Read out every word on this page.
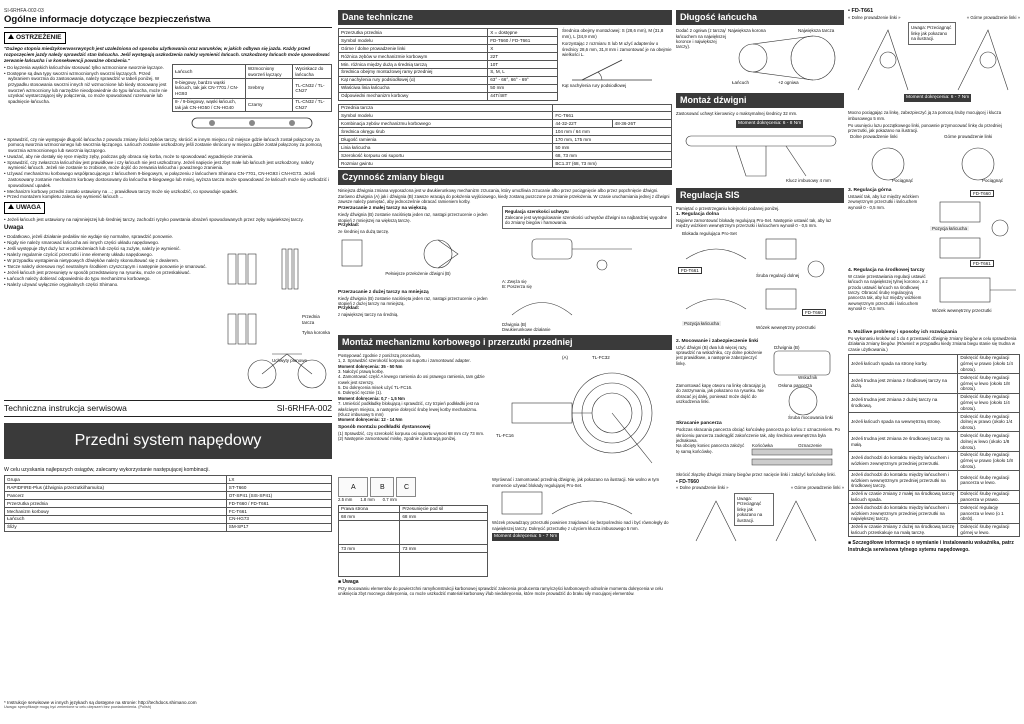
SI-6RHFA-002-03
Ogólne informacje dotyczące bezpieczeństwa
OSTRZEŻENIE
"Dużego stopnia miedzyknerwosrwynych jest uzależniona od sposobu użytkowania oraz warunków, w jakich odbywa się jazda. Każdy przed rozpoczęciem jazdy należy sprawdzić stan łańcucha. Jeśli występują uszkodzenia należy wymienić łańcuch. Uszkodzony łańcuch może spowodować zerwanie łańcucha i w konsekwencji poważne obrażenia."
• Do łączenia wąskich łańcuchów stosować tylko wzmocnione sworznie łączące.
• Dostępne są dwa typy sworzni wzmocnionych sworzni łączących. Przed wybraniem sworznia do zastosowania, należy sprawdzić w tabeli poniżej. W przypadku stosowania sworzni innych niż wzmocnione lub kiedy stosowany jest sworzeń wzmocniony lub narzędzie nieodpowiednie do typu łańcucha, może nie uzyskać wystarczającej siły połączenia, co może spowodować rozerwanie lub spadnięcie łańcucha.
Łańcuch	Wzmocniony sworzeń łączący	Wyciskacz do łańcucha
9-biegowy, bardzo wąski łańcuch, tak jak CN-7701 / CN-HG93	Srebrny	TL-CN32 / TL-CN27
8- / 9-biegowy, wąski łańcuch, tak jak CN-HG50 / CN-HG40	Czarny	TL-CN32 / TL-CN27
• Sprawdzić, czy nie występuje długość łańcucha z powodu zmiany ilości zębów tarczy, skrócić w innym miejscu niż miejsce gdzie łańcuch został połączony za pomocą sworznia wzmocnionego lub sworznia łączącego. Łańcuch zostanie uszkodzony jeśli zostanie skrócony w miejscu gdzie został połączony za pomocą sworznia wzmocnionego lub sworznia łączącego.
• Uważać, aby nie dostały się ręce między zęby, podczas gdy obraca się korba, może to spowodować wypadnięcie zranienia.
• Sprawdzić, czy zwłaszcza łańcuchów jest prawidłowe i czy łańcuch nie jest uszkodzony. Jeżeli napięcie jest zbyt małe lub łańcuch jest uszkodzony, należy wymienić łańcuch. Jeżeli nie zostanie to zrobione, może dojść do zerwania łańcucha i poważnego zranienia.
• Używać mechanizmu korbowego współpracującego z łańcuchem 9-biegowym, w połączeniu z łańcuchem Shimano CN-7701, CN-HG93 i CN-HG73. Jeżeli zastosowany zostanie mechanizm korbowy dostosowany do łańcucha 8-biegowego lub mniej, wyższa tarcza może spowodować że łańcuch może się uszkodzić i spowodować upadek.
• Mechanizm korbowy przedni zostało ustawiony na ...; prawidłowa tarczy może się uszkodzić, co spowoduje upadek.
• Przed montażem kompletu zaleca się wymienić łańcuch ...
UWAGA
• Jeżeli łańcuch jest ustawiony na najmniejszej lub średniej tarczy, zachodzi ryzyko powstania obrażeń spowodowanych przez zęby najwiekszej tarczy.
Uwaga
• Dodatkowo, jeżeli działanie pedałów nie wydaje się normalne, sprawdzić ponownie.
• Nigdy nie należy smarować łańcucha ani innych części układu napędowego.
• Jeśli występuje zbyt duży luz w przełożeniach lub części są zużyte, należy je wymienić.
• Należy regularnie czyścić przerzutki i inne elementy układu napędowego.
• W przypadku wystąpienia nietypowych dźwięków należy skonsultować się z dealerem.
• Tarcze należy okresowo myć neutralnym środkiem czyszczącym i następnie ponownie je smarować.
• Jeżeli łańcuch jest przesunięty w sposób przedstawiony na rysunku, może on przeskakiwać.
• Łańcuch należy dobierać odpowiednio do typu mechanizmu korbowego.
• Należy używać wyłącznie oryginalnych części Shimano.
Przednia tarcza
Tylna koronka
Uchwyty pionowe
Techniczna instrukcja serwisowa	SI-6RHFA-002
Przedni system napędowy
W celu uzyskania najlepszych osiągów, zalecamy wykorzystanie następującej kombinacji.
Grupa	LX
RAPIDFIRE-Plus (dźwignia przerzutki/hamulca)	ST-T660
Pancerz	OT-SP41 (SIS-SP41)
Przerzutka przednia	FD-T660 / FD-T661
Mechanizm korbowy	FC-T661
Łańcuch	CN-HG73
Śliży	SM-SP17
* Instrukcje serwisowe w innych językach są dostępne na stronie: http://techdocs.shimano.com
Uwaga: specyfikacje mogą być zmienione w celu ulepszeń bez powiadomienia. (Polish)
Dane techniczne
Przerzutka przednia	X = dostępne
Symbol modelu	FD-T660 / FD-T661
Górne / dolne prowadzenie linki	X
Różnica zębów w mechanizmie korbowym	22T
Min. różnica między dużą a średnią tarczą	10T
Średnica obejmy montażowej ramy przedniej	S, M, L
Kąt nachylenia rury podsiodłowej (α)	63° - 66°, 66° - 69°
Właściwa linia łańcucha	50 mm
Odpowiedni mechanizm korbowy	44T/48T
Średnica obejmy montażowej: S (28,6 mm), M (31,8 mm), L (34,9 mm)
Korzystając z rozmiaru S lub M użyć adapterów o średnicy 28,6 mm, 31,8 mm i zamontować je na obejmie wielkości L.
Kąt nachylenia rury podsiodłowej
Przednia tarcza		
Symbol modelu	FC-T661	
Kombinacja zębów mechanizmu korbowego	44-32-22T	48-36-26T
Średnica okręgu śrub	104 mm / 64 mm	
Długość ramienia	170 mm, 175 mm	
Linia łańcucha	50 mm	
Szerokość korpusu osi suportu	68, 73 mm	
Rozmiar gwintu	BC1.37 (68, 73 mm)	
Czynność zmiany biegu
Niniejsza dźwignia zmiana wyposażona jest w dwukierunkowy mechanizm zrzucania, który umożliwia zrzucanie albo przez pociągnięcie albo przez popchnięcie dźwigni. Zarówno dźwignia (A) jak i dźwignia (B) zawsze wracają do położenia wyjściowego, kiedy zostaną puszczone po zmianie przełożenia. W czasie uruchamiania jednej z dźwigni zawsze należy pamiętać, aby jednocześnie obracać ramieniem korby.
Przerzucanie z małej tarczy na większą
Kiedy dźwignia (B) zostanie naciśnięta jeden raz, nastąpi przerzucenie o jeden stopień z mniejszej na większą tarczę.
Przykład:
ze średniej na dużą tarczę.
Pełniejsze przełożenie dźwigni (B)
Regulacja szerokości uchwytu
Zalecane jest wyregulowanie szerokości uchwytów dźwigni na najbardziej wygodne do zmiany biegów i hamowania.
A: Zwęża się
B: Poszerza się
Przerzucanie z dużej tarczy na mniejszą
Kiedy dźwignia (B) zostanie naciśnięta jeden raz, nastąpi przerzucenie o jeden stopień z dużej tarczy na mniejszą.
Przykład:
z największej tarczy na średnią.
Dźwignia (B)
Dwukierunkowe działanie
Montaż mechanizmu korbowego i przerzutki przedniej
Postępować zgodnie z poniższą procedurą.
1, 2. Sprawdzić szerokość korpusu osi suportu i zamontować adapter.
Moment dokręcenia: 35 - 50 Nm
3. Nałożyć prawą korbę.
4. Zamontować część A lewego ramienia do osi prawego ramienia, tam gdzie rowek jest szerszy.
5. Do dokręcenia misek użyć TL-FC16.
6. Dokręcić ręcznie (1).
Moment dokręcenia: 0,7 - 1,5 Nm
7. Umieścić podkładkę blokującą i sprawdzić, czy trzpień podkładki jest na właściwym miejscu, a następnie dokręcić śrubę lewej korby mechanizmu. (Klucz imbusowy 5 mm)
Moment dokręcenia: 12 - 14 Nm
Sposób montażu podkładki dystansowej
(1) Sprawdzić, czy szerokość korpusu osi suportu wynosi 68 mm czy 73 mm.
(2) Następnie zamontować miskę, zgodnie z ilustracją poniżej.
(A)	TL-FC32
TL-FC16
A	B	C
2.5 mm 1.8 mm 0.7 mm
Prawa strona	Przesunięcie pod sil
68 mm	68 mm

73 mm	73 mm

Wyrównać i zamontować przednią dźwignię, jak pokazano na ilustracji. Nie wolno w tym momencie używać blokady regulującej Pro-Set.
Wózek prowadzący przerzutki powinien znajdować się bezpośrednio nad i być równoległy do największej tarczy. Dokręcić przerzutkę z użyciem klucza imbusowego 5 mm.
Moment dokręcenia: 5 - 7 Nm
■ Uwaga
Przy mocowaniu elementów do powierzchni ramy/konstrukcji karbonowej sprawdzić zalecenia producenta ramy/części karbonowych odnośnie momentu dokręcenia w celu uniknięcia zbyt mocnego dokręcenia, co może uszkodzić materiał karbonowy i/lub niedokręcenia, które może prowadzić do braku siły mocującej elementów.
Długość łańcucha
Dodać 2 ogniwa (z tarczą/łańcuchem na największej koronce i największej tarczy).
Największa korona	Największa tarcza
Łańcuch	+2 ogniwa
Montaż dźwigni
Zastosować uchwyt kierownicy o maksymalnej średnicy 32 mm.
Moment dokręcenia: 6 - 8 Nm
Klucz imbusowy 4 mm
Regulacja SIS
Pamiętać o przestrzeganiu kolejności podanej poniżej.
1. Regulacja dolna
Najpierw zamontować blokadę regulującą Pro-Set. Następnie ustawić tak, aby luz między wózkiem wewnętrznym przerzutki i łańcuchem wynosił 0 - 0,5 mm.
Blokada regulująca Pro-Set
FD-T661
Pozycja łańcucha
Śruba regulacji dolnej
Wózek wewnętrzny przerzutki
FD-T660
2. Mocowanie i zabezpieczenie linki
Użyć dźwigni (B) dwa lub więcej razy, sprawdzić na wskaźniku, czy dolne położenie jest prawidłowe, a następnie zabezpieczyć linkę.
Dźwignia (B)
Wskaźnik
Zamontować kapę otworu na linkę obracając ją do zatrzymania, jak pokazano na rysunku. Nie obracać jej dalej, ponieważ może dojść do uszkodzenia linki.
Osłona pancerza
Śruba mocowania linki
Skracanie pancerza
Podczas skracania pancerza obciąć końcówkę pancerza po końcu z oznaczeniem. Po skróceniu pancerza zaokrąglić zakończenie tak, aby średnica wewnętrzna była jednakowa.
Na obcięty koniec pancerza założyć tę samą końcówkę.
Końcówka	Oznaczenie
Skrócić złączkę dźwigni zmiany biegów przez nacięcie linki i założyć końcówkę linki.
• FD-T660
« Dolne prowadzenie linki »	« Górne prowadzenie linki »
Uwaga: Przeciągnąć linkę jak pokazano na ilustracji.
• FD-T661
« Dolne prowadzenie linki »	« Górne prowadzenie linki »
Uwaga: Przeciągnąć linkę jak pokazano na ilustracji.
Moment dokręcenia: 6 - 7 Nm
Mocno pociągając za linkę, zabezpieczyć ją za pomocą śruby mocującej i klucza imbusowego 5 mm.
Po usunięciu luzu początkowego linki, ponownie przymocować linkę do przedniej przerzutki, jak pokazano na ilustracji.
Dolne prowadzenie linki	Górne prowadzenie linki
Pociągnąć	Pociągnąć
3. Regulacja górna
Ustawić tak, aby luz między wózkiem zewnętrznym przerzutki i łańcuchem wynosił 0 - 0,5 mm.
FD-T660
Pozycja łańcucha
FD-T661
4. Regulacja na środkowej tarczy
W czasie przestawiania regulacji ustawić łańcuch na największej tylnej koronce, a z przodu ustawić łańcuch na środkowej tarczy. Obracać śrubę regulacyjną pancerza tak, aby luz między wózkiem wewnętrznym przerzutki i łańcuchem wynosił 0 - 0,5 mm.	Wózek wewnętrzny przerzutki
5. Możliwe problemy i sposoby ich rozwiązania
Po wykonaniu kroków od 1 do 4 przestawić dźwignię zmiany biegów w celu sprawdzenia działania zmiany biegów. (Również w przypadku kiedy zmiana biegu stanie się trudna w czasie użytkowania.)
Jeżeli łańcuch spada na stronę korby.	Dokręcić śrubę regulacji górnej w prawo (około 1/4 obrotu).
Jeżeli trudna jest zmiana z środkowej tarczy na dużą.	Dokręcić śrubę regulacji górnej w lewo (około 1/8 obrotu).
Jeżeli trudna jest zmiana z dużej tarczy na środkową.	Dokręcić śrubę regulacji górnej w lewo (około 1/4 obrotu).
Jeżeli łańcuch spada na wewnętrzną stronę.	Dokręcić śrubę regulacji dolnej w prawo (około 1/4 obrotu).
Jeżeli trudna jest zmiana ze środkowej tarczy na małą.	Dokręcić śrubę regulacji dolnej w lewo (około 1/8 obrotu).
Jeżeli dochodzi do kontaktu między łańcuchem i wózkiem zewnętrznym przedniej przerzutki.	Dokręcić śrubę regulacji górnej w prawo (około 1/8 obrotu).
Jeżeli dochodzi do kontaktu między łańcuchem i wózkiem wewnętrznym przedniej przerzutki na środkowej tarczy.	Dokręcić śrubę regulacji pancerza w lewo.
Jeżeli w czasie zmiany z małej na środkową tarczę łańcuch spada.	Dokręcić śrubę regulacji pancerza w prawo.
Jeżeli dochodzi do kontaktu między łańcuchem i wózkiem zewnętrznym przedniej przerzutki na największej tarczy.	Dokręcić regulację pancerza w lewo (o 1 obrót).
Jeżeli w czasie zmiany z dużej na środkową tarczę łańcuch przeskakuje na małą tarczę.	Dokręcić śrubę regulacji górnej w lewo.
■ Szczegółowe informacje o wymianie i instalowaniu wskaźnika, patrz Instrukcja serwisowa tylnego sytemu napędowego.
